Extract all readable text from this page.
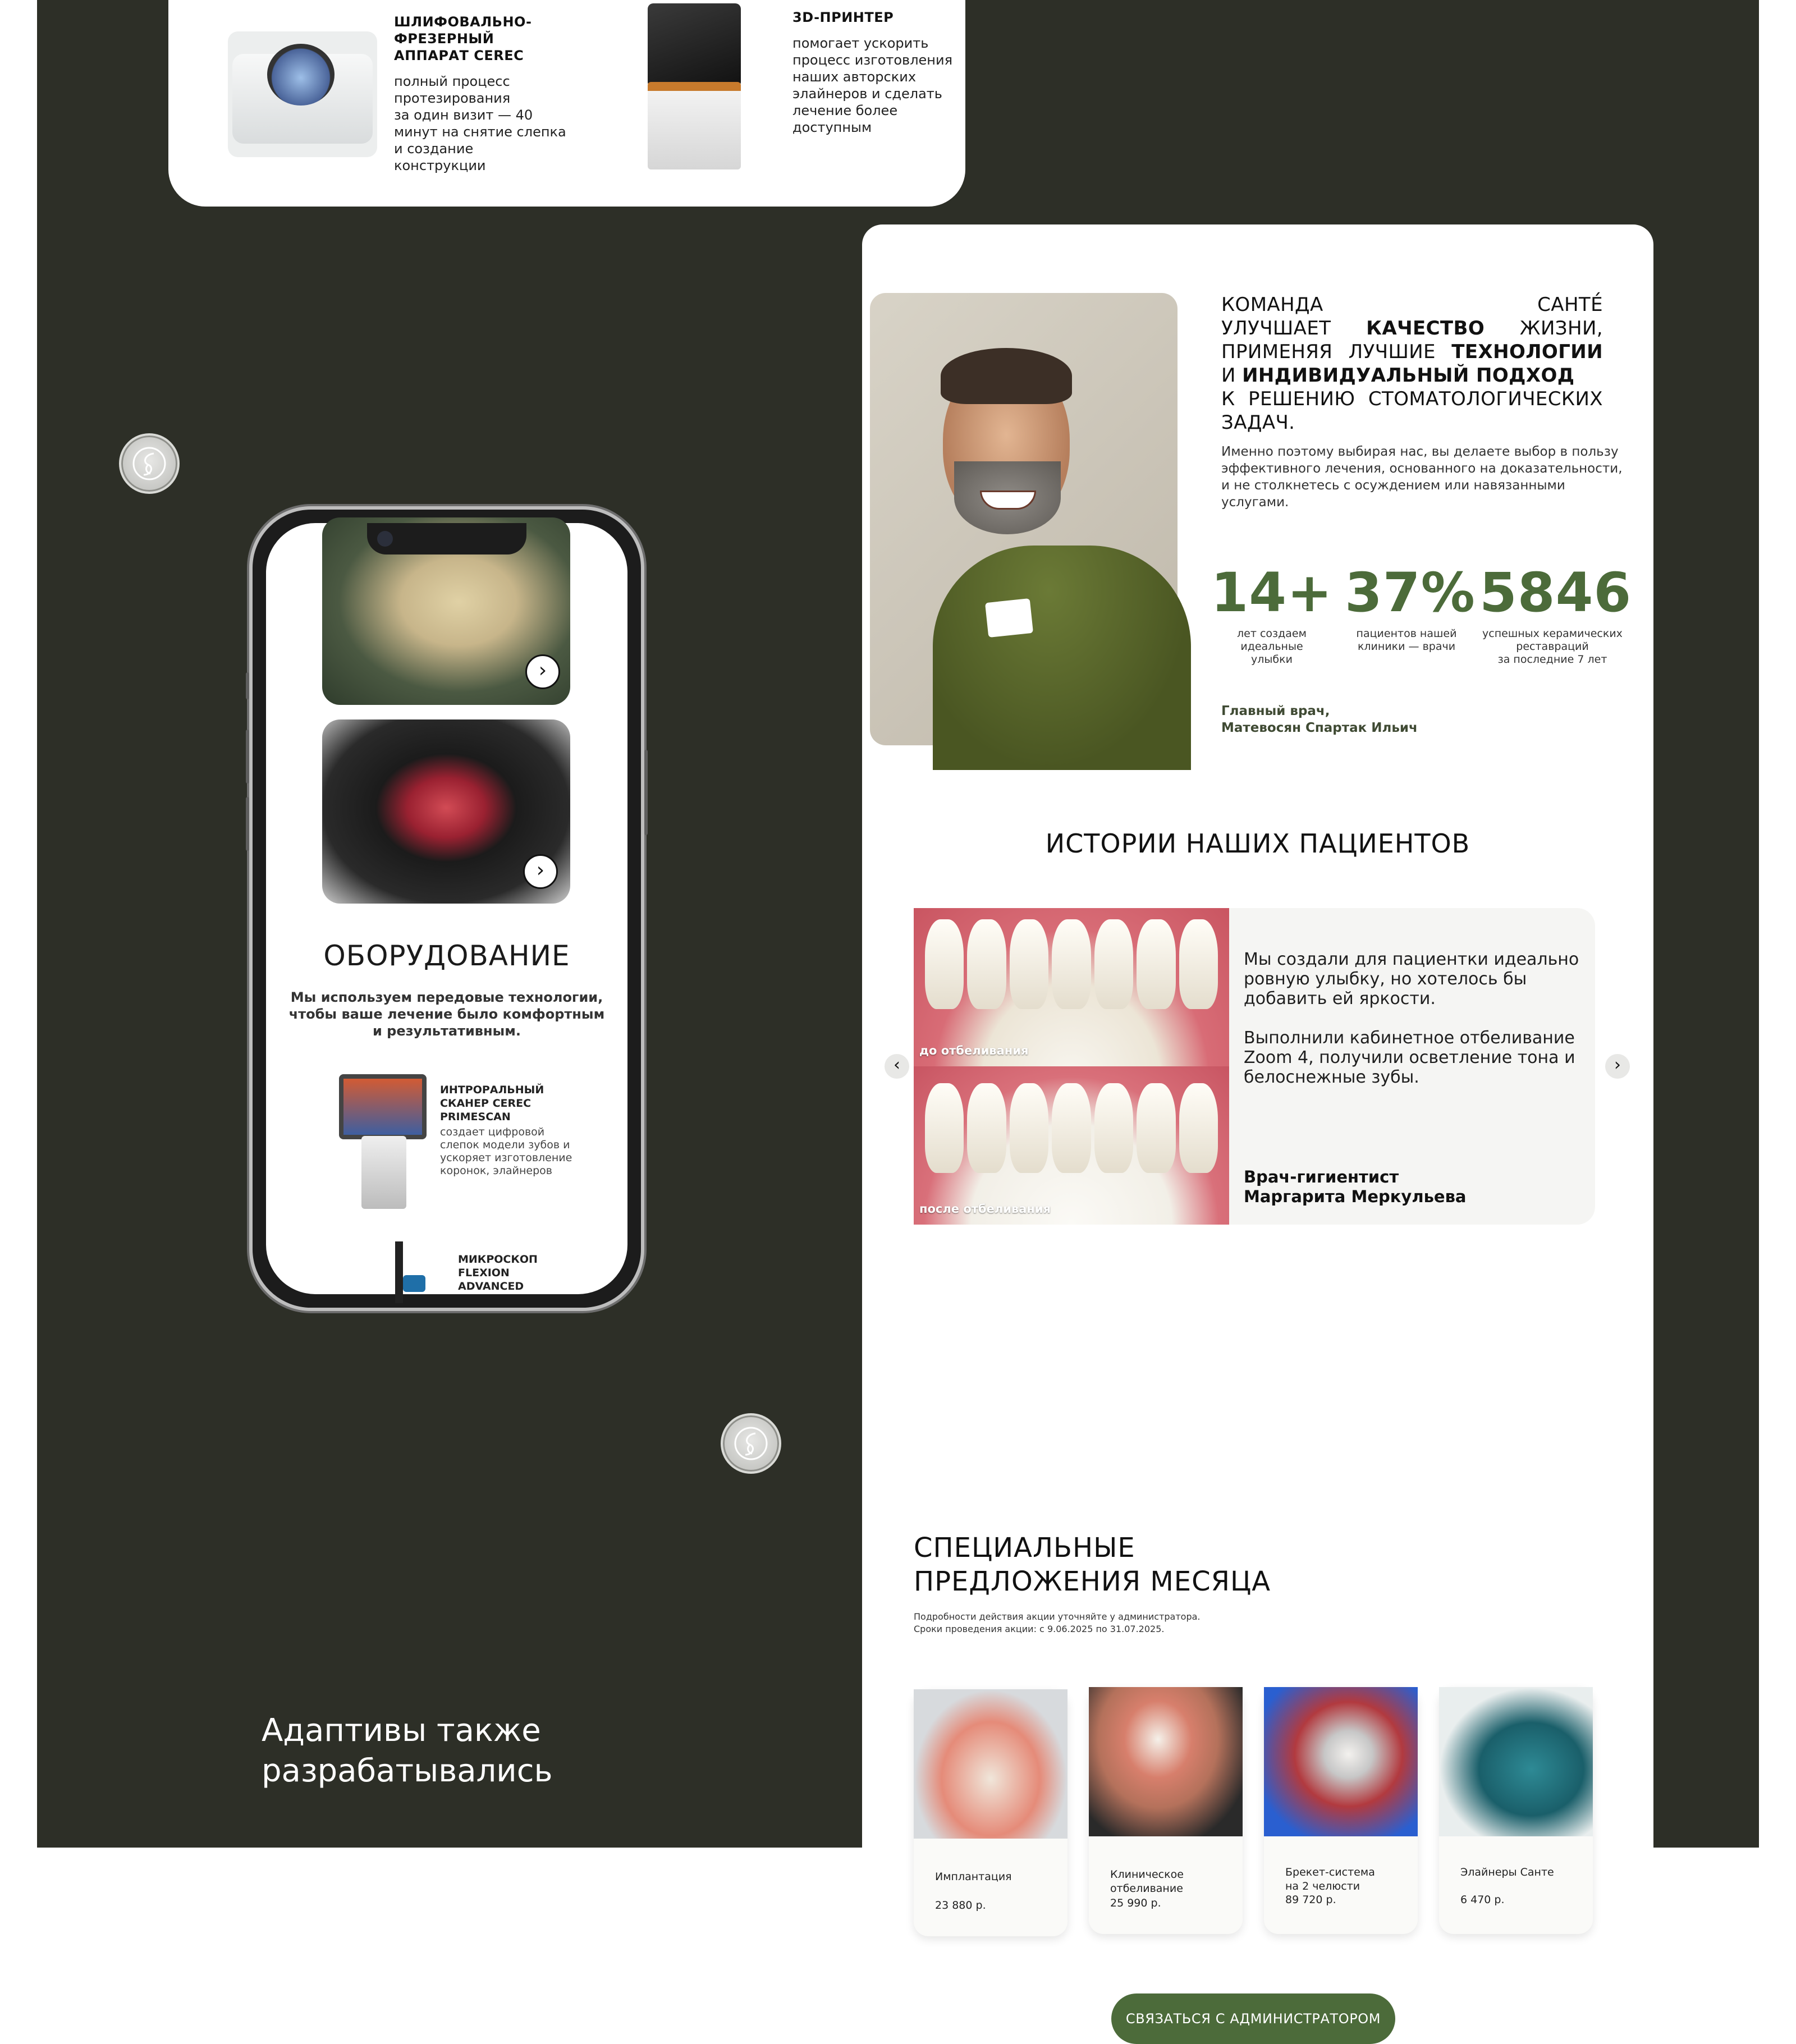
ШЛИФОВАЛЬНО-
ФРЕЗЕРНЫЙ
АППАРАТ CEREC
полный процесс
протезирования
за один визит — 40
минут на снятие слепка
и создание
конструкции
3D-ПРИНТЕР
помогает ускорить
процесс изготовления
наших авторских
элайнеров и сделать
лечение более
доступным
›
›
ОБОРУДОВАНИЕ
Мы используем передовые технологии, чтобы ваше лечение было комфортным и результативным.
ИНТРОРАЛЬНЫЙ
СКАНЕР CEREC
PRIMESCAN
создает цифровой
слепок модели зубов и
ускоряет изготовление
коронок, элайнеров
МИКРОСКОП
FLEXION
ADVANCED
Адаптивы также
разрабатывались
КОМАНДА	САНТЕ́
УЛУЧШАЕТ КАЧЕСТВО ЖИЗНИ,
ПРИМЕНЯЯ ЛУЧШИЕ ТЕХНОЛОГИИ
И ИНДИВИДУАЛЬНЫЙ ПОДХОД
К РЕШЕНИЮ СТОМАТОЛОГИЧЕСКИХ
ЗАДАЧ.
Именно поэтому выбирая нас, вы делаете выбор в пользу эффективного лечения, основанного на доказательности, и не столкнетесь с осуждением или навязанными услугами.
14+
лет создаем
идеальные
улыбки
37%
пациентов нашей
клиники — врачи
5846
успешных керамических
реставраций
за последние 7 лет
Главный врач,
Матевосян Спартак Ильич
ИСТОРИИ НАШИХ ПАЦИЕНТОВ
до отбеливания
после отбеливания
Мы создали для пациентки идеально ровную улыбку, но хотелось бы добавить ей яркости.

Выполнили кабинетное отбеливание Zoom 4, получили осветление тона и белоснежные зубы.
Врач-гигиентист
Маргарита Меркульева
‹	›
СПЕЦИАЛЬНЫЕ
ПРЕДЛОЖЕНИЯ МЕСЯЦА
Подробности действия акции уточняйте у администратора.
Сроки проведения акции: с 9.06.2025 по 31.07.2025.
Имплантация
23 880 р.
Клиническое
отбеливание
25 990 р.
Брекет-система
на 2 челюсти
89 720 р.
Элайнеры Санте
6 470 р.
СВЯЗАТЬСЯ С АДМИНИСТРАТОРОМ
